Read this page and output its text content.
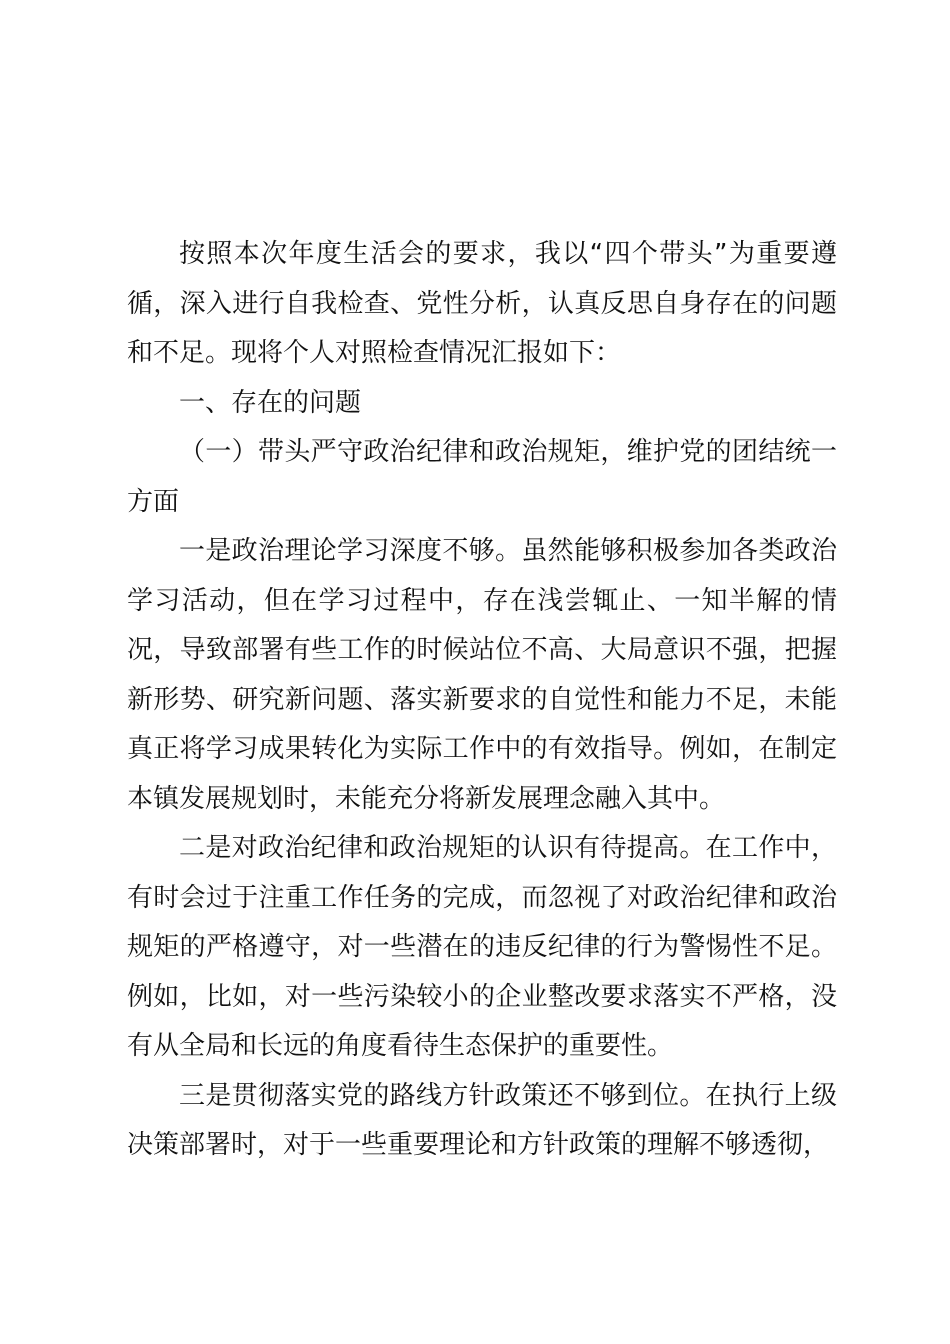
按照本次年度生活会的要求，我以“四个带头”为重要遵循，深入进行自我检查、党性分析，认真反思自身存在的问题和不足。现将个人对照检查情况汇报如下：

一、存在的问题

（一）带头严守政治纪律和政治规矩，维护党的团结统一方面

一是政治理论学习深度不够。虽然能够积极参加各类政治学习活动，但在学习过程中，存在浅尝辄止、一知半解的情况，导致部署有些工作的时候站位不高、大局意识不强，把握新形势、研究新问题、落实新要求的自觉性和能力不足，未能真正将学习成果转化为实际工作中的有效指导。例如，在制定本镇发展规划时，未能充分将新发展理念融入其中。

二是对政治纪律和政治规矩的认识有待提高。在工作中，有时会过于注重工作任务的完成，而忽视了对政治纪律和政治规矩的严格遵守，对一些潜在的违反纪律的行为警惕性不足。例如，比如，对一些污染较小的企业整改要求落实不严格，没有从全局和长远的角度看待生态保护的重要性。

三是贯彻落实党的路线方针政策还不够到位。在执行上级决策部署时，对于一些重要理论和方针政策的理解不够透彻，
